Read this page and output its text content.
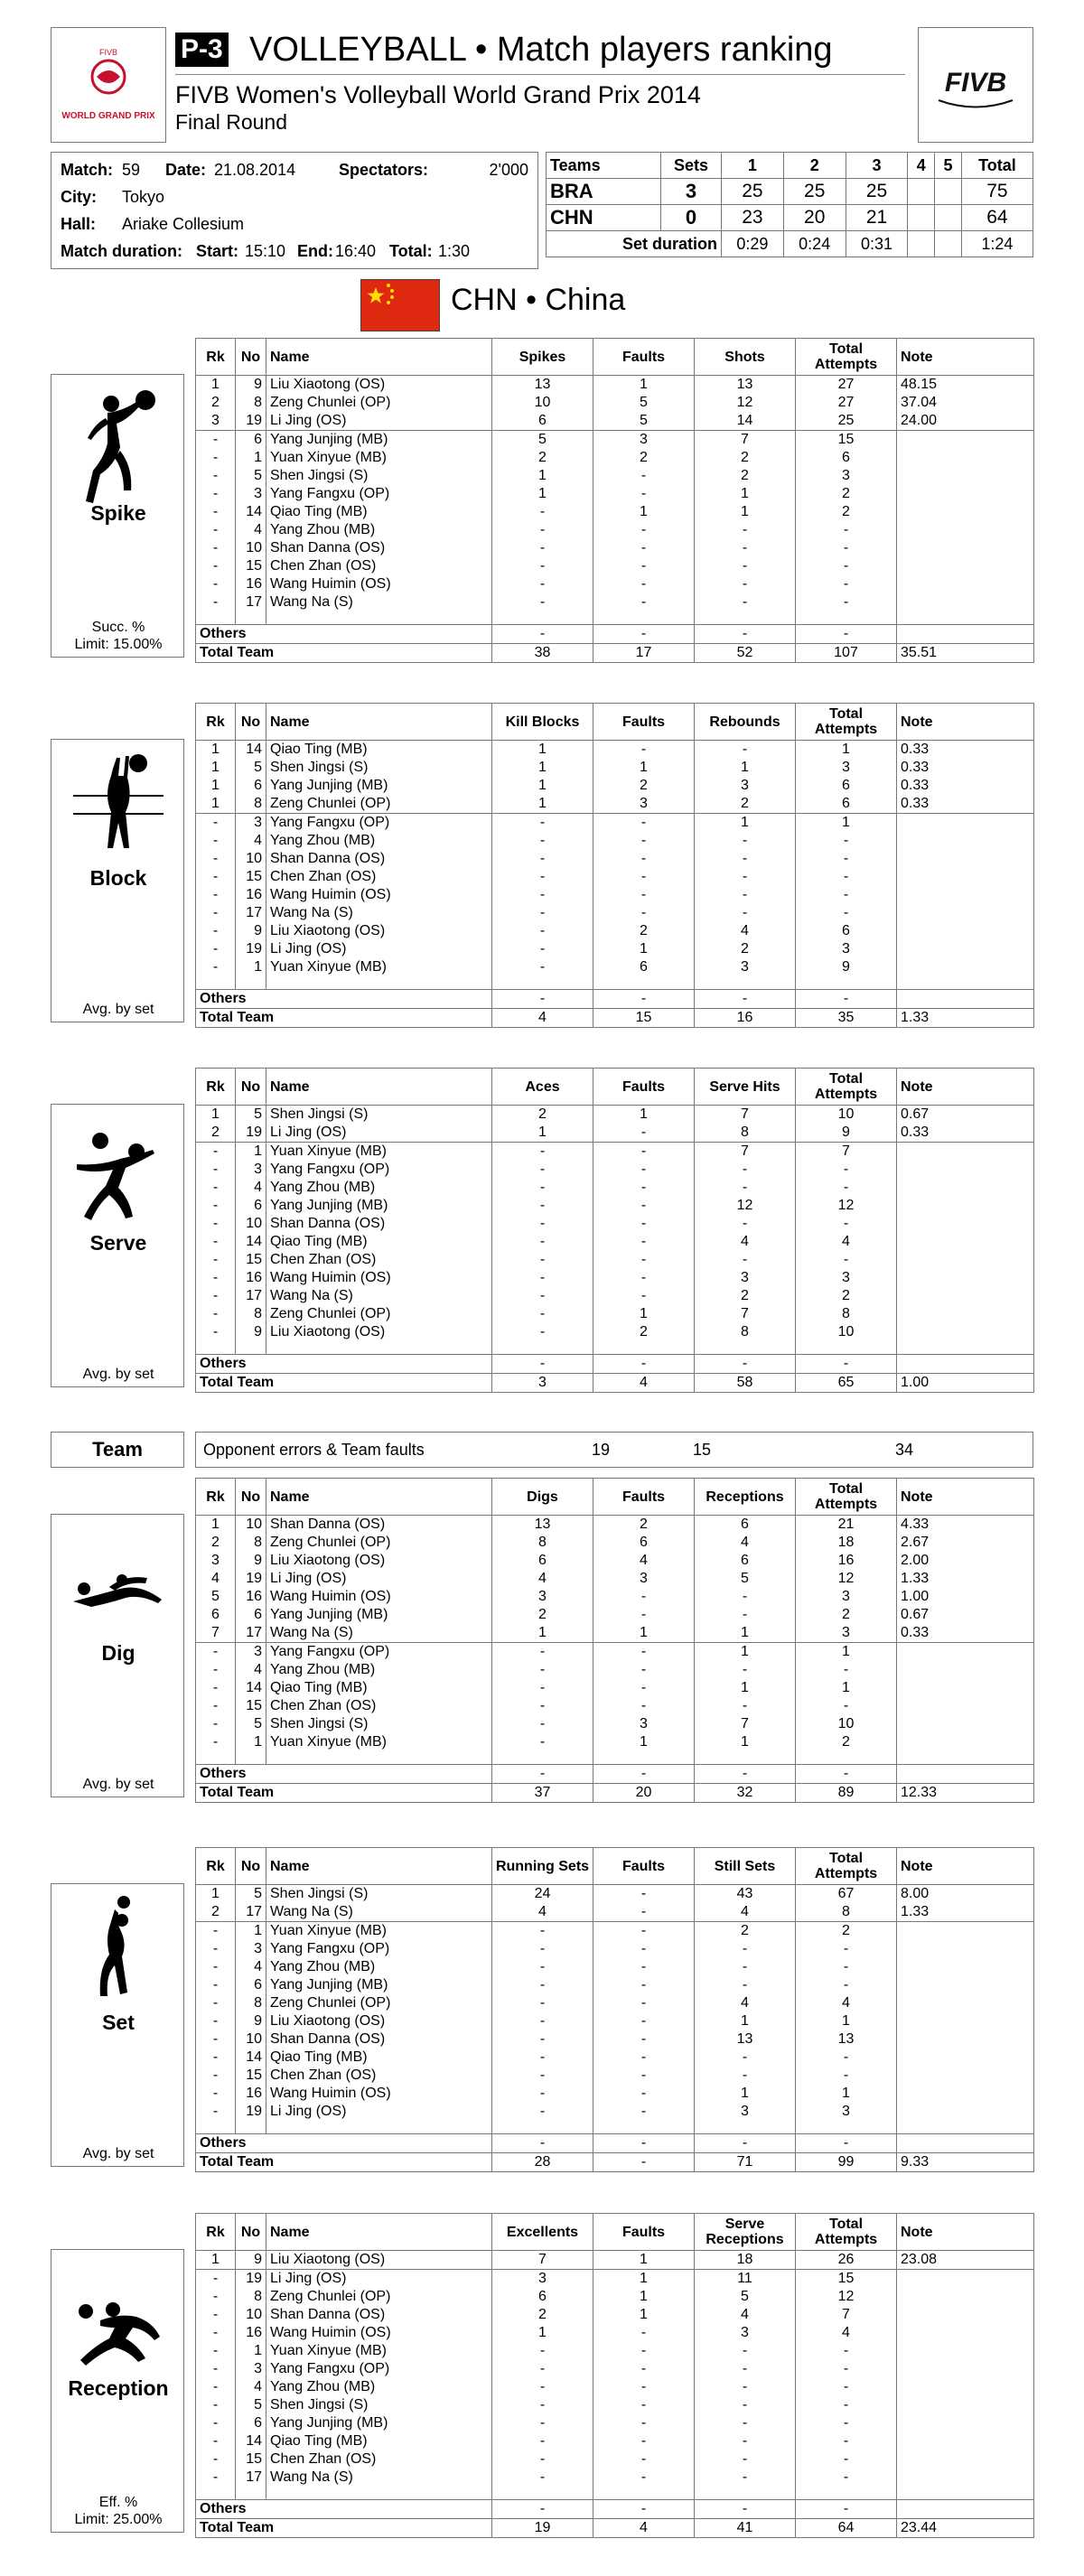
FIVB
WORLD GRAND PRIX
P-3 VOLLEYBALL • Match players ranking
FIVB Women's Volleyball World Grand Prix 2014
Final Round
FIVB
Match: 59 Date: 21.08.2014	Spectators:	2'000
City: Tokyo
Hall: Ariake Collesium
Match duration: Start: 15:10 End: 16:40 Total: 1:30
Teams	Sets	1	2	3	4	5	Total
BRA	3	25	25	25			75
CHN	0	23	20	21			64
Set duration		0:29	0:24	0:31			1:24
CHN • China
Spike
Succ. %
Limit: 15.00%
Rk	No	Name	Spikes	Faults	Shots	Total Attempts	Note
1	9	Liu Xiaotong (OS)	13	1	13	27	48.15
2	8	Zeng Chunlei (OP)	10	5	12	27	37.04
3	19	Li Jing (OS)	6	5	14	25	24.00
-	6	Yang Junjing (MB)	5	3	7	15	
-	1	Yuan Xinyue (MB)	2	2	2	6	
-	5	Shen Jingsi (S)	1	-	2	3	
-	3	Yang Fangxu (OP)	1	-	1	2	
-	14	Qiao Ting (MB)	-	1	1	2	
-	4	Yang Zhou (MB)	-	-	-	-	
-	10	Shan Danna (OS)	-	-	-	-	
-	15	Chen Zhan (OS)	-	-	-	-	
-	16	Wang Huimin (OS)	-	-	-	-	
-	17	Wang Na (S)	-	-	-	-	

Others			-	-	-	-	
Total Team			38	17	52	107	35.51
Block
Avg. by set
Rk	No	Name	Kill Blocks	Faults	Rebounds	Total Attempts	Note
1	14	Qiao Ting (MB)	1	-	-	1	0.33
1	5	Shen Jingsi (S)	1	1	1	3	0.33
1	6	Yang Junjing (MB)	1	2	3	6	0.33
1	8	Zeng Chunlei (OP)	1	3	2	6	0.33
-	3	Yang Fangxu (OP)	-	-	1	1	
-	4	Yang Zhou (MB)	-	-	-	-	
-	10	Shan Danna (OS)	-	-	-	-	
-	15	Chen Zhan (OS)	-	-	-	-	
-	16	Wang Huimin (OS)	-	-	-	-	
-	17	Wang Na (S)	-	-	-	-	
-	9	Liu Xiaotong (OS)	-	2	4	6	
-	19	Li Jing (OS)	-	1	2	3	
-	1	Yuan Xinyue (MB)	-	6	3	9	

Others			-	-	-	-	
Total Team			4	15	16	35	1.33
Serve
Avg. by set
Rk	No	Name	Aces	Faults	Serve Hits	Total Attempts	Note
1	5	Shen Jingsi (S)	2	1	7	10	0.67
2	19	Li Jing (OS)	1	-	8	9	0.33
-	1	Yuan Xinyue (MB)	-	-	7	7	
-	3	Yang Fangxu (OP)	-	-	-	-	
-	4	Yang Zhou (MB)	-	-	-	-	
-	6	Yang Junjing (MB)	-	-	12	12	
-	10	Shan Danna (OS)	-	-	-	-	
-	14	Qiao Ting (MB)	-	-	4	4	
-	15	Chen Zhan (OS)	-	-	-	-	
-	16	Wang Huimin (OS)	-	-	3	3	
-	17	Wang Na (S)	-	-	2	2	
-	8	Zeng Chunlei (OP)	-	1	7	8	
-	9	Liu Xiaotong (OS)	-	2	8	10	

Others			-	-	-	-	
Total Team			3	4	58	65	1.00
Dig
Avg. by set
Rk	No	Name	Digs	Faults	Receptions	Total Attempts	Note
1	10	Shan Danna (OS)	13	2	6	21	4.33
2	8	Zeng Chunlei (OP)	8	6	4	18	2.67
3	9	Liu Xiaotong (OS)	6	4	6	16	2.00
4	19	Li Jing (OS)	4	3	5	12	1.33
5	16	Wang Huimin (OS)	3	-	-	3	1.00
6	6	Yang Junjing (MB)	2	-	-	2	0.67
7	17	Wang Na (S)	1	1	1	3	0.33
-	3	Yang Fangxu (OP)	-	-	1	1	
-	4	Yang Zhou (MB)	-	-	-	-	
-	14	Qiao Ting (MB)	-	-	1	1	
-	15	Chen Zhan (OS)	-	-	-	-	
-	5	Shen Jingsi (S)	-	3	7	10	
-	1	Yuan Xinyue (MB)	-	1	1	2	

Others			-	-	-	-	
Total Team			37	20	32	89	12.33
Set
Avg. by set
Rk	No	Name	Running Sets	Faults	Still Sets	Total Attempts	Note
1	5	Shen Jingsi (S)	24	-	43	67	8.00
2	17	Wang Na (S)	4	-	4	8	1.33
-	1	Yuan Xinyue (MB)	-	-	2	2	
-	3	Yang Fangxu (OP)	-	-	-	-	
-	4	Yang Zhou (MB)	-	-	-	-	
-	6	Yang Junjing (MB)	-	-	-	-	
-	8	Zeng Chunlei (OP)	-	-	4	4	
-	9	Liu Xiaotong (OS)	-	-	1	1	
-	10	Shan Danna (OS)	-	-	13	13	
-	14	Qiao Ting (MB)	-	-	-	-	
-	15	Chen Zhan (OS)	-	-	-	-	
-	16	Wang Huimin (OS)	-	-	1	1	
-	19	Li Jing (OS)	-	-	3	3	

Others			-	-	-	-	
Total Team			28	-	71	99	9.33
Reception
Eff. %
Limit: 25.00%
Rk	No	Name	Excellents	Faults	Serve Receptions	Total Attempts	Note
1	9	Liu Xiaotong (OS)	7	1	18	26	23.08
-	19	Li Jing (OS)	3	1	11	15	
-	8	Zeng Chunlei (OP)	6	1	5	12	
-	10	Shan Danna (OS)	2	1	4	7	
-	16	Wang Huimin (OS)	1	-	3	4	
-	1	Yuan Xinyue (MB)	-	-	-	-	
-	3	Yang Fangxu (OP)	-	-	-	-	
-	4	Yang Zhou (MB)	-	-	-	-	
-	5	Shen Jingsi (S)	-	-	-	-	
-	6	Yang Junjing (MB)	-	-	-	-	
-	14	Qiao Ting (MB)	-	-	-	-	
-	15	Chen Zhan (OS)	-	-	-	-	
-	17	Wang Na (S)	-	-	-	-	

Others			-	-	-	-	
Total Team			19	4	41	64	23.44
Team	Opponent errors & Team faults	19	15	34
